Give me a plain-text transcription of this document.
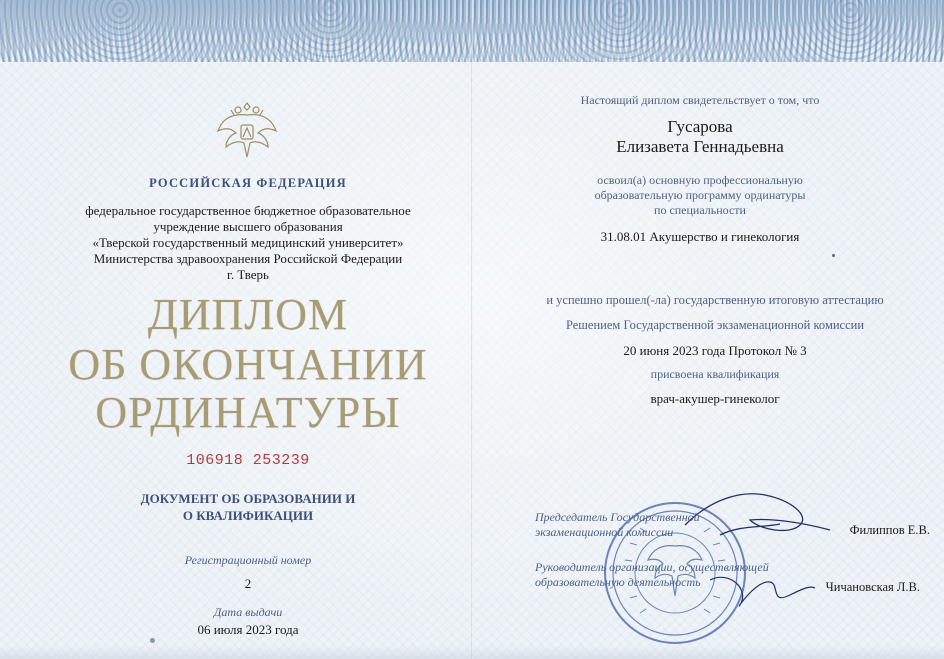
РОССИЙСКАЯ ФЕДЕРАЦИЯ
федеральное государственное бюджетное образовательное
учреждение высшего образования
«Тверской государственный медицинский университет»
Министерства здравоохранения Российской Федерации
г. Тверь
ДИПЛОМ
ОБ ОКОНЧАНИИ
ОРДИНАТУРЫ
106918 253239
ДОКУМЕНТ ОБ ОБРАЗОВАНИИ И
О КВАЛИФИКАЦИИ
Регистрационный номер
2
Дата выдачи
06 июля 2023 года
Настоящий диплом свидетельствует о том, что
Гусарова
Елизавета Геннадьевна
освоил(а) основную профессиональную
образовательную программу ординатуры
по специальности
31.08.01 Акушерство и гинекология
и успешно прошел(-ла) государственную итоговую аттестацию
Решением Государственной экзаменационной комиссии
20 июня 2023 года Протокол № 3
присвоена квалификация
врач-акушер-гинеколог
Председатель Государственной
экзаменационной комиссии	Филиппов Е.В.
Руководитель организации, осуществляющей
образовательную деятельность	Чичановская Л.В.
